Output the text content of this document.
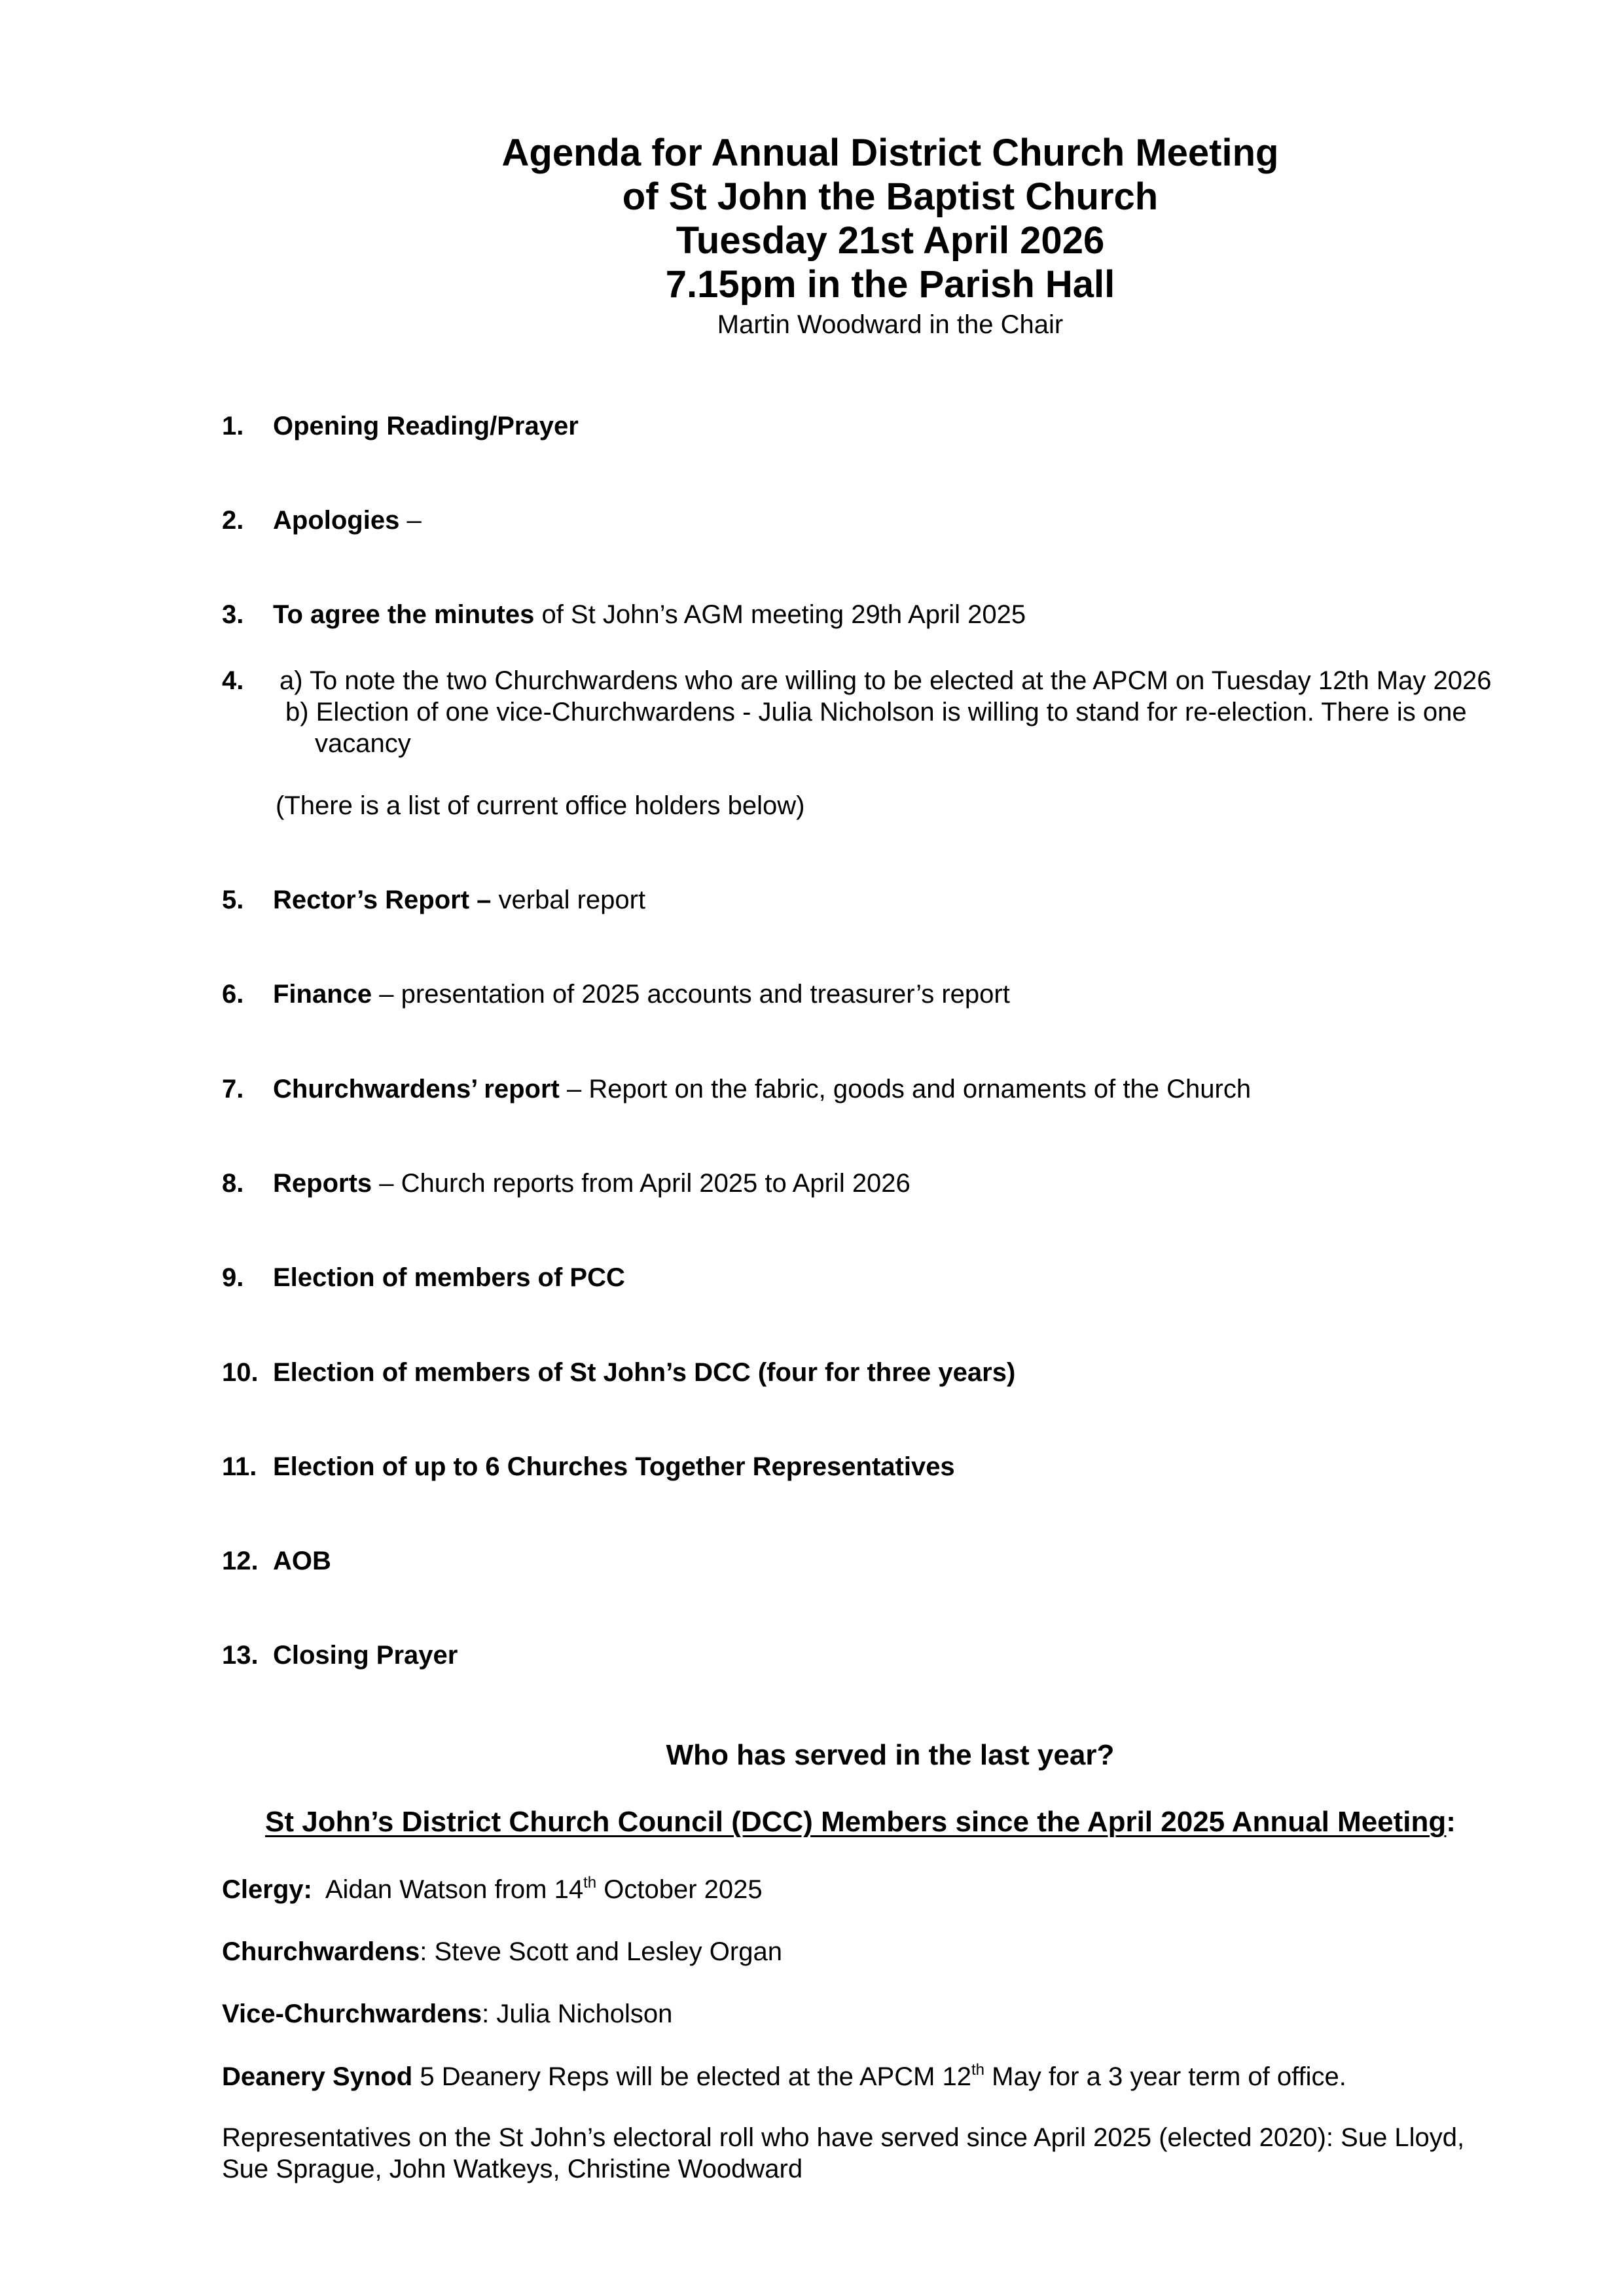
Agenda for Annual District Church Meeting
of St John the Baptist Church
Tuesday 21st April 2026
7.15pm in the Parish Hall
Martin Woodward in the Chair
1. Opening Reading/Prayer
2. Apologies –
3. To agree the minutes of St John’s AGM meeting 29th April 2025
4. a) To note the two Churchwardens who are willing to be elected at the APCM on Tuesday 12th May 2026
b) Election of one vice-Churchwardens - Julia Nicholson is willing to stand for re-election. There is one
vacancy
(There is a list of current office holders below)
5. Rector’s Report – verbal report
6. Finance – presentation of 2025 accounts and treasurer’s report
7. Churchwardens’ report – Report on the fabric, goods and ornaments of the Church
8. Reports – Church reports from April 2025 to April 2026
9. Election of members of PCC
10. Election of members of St John’s DCC (four for three years)
11. Election of up to 6 Churches Together Representatives
12. AOB
13. Closing Prayer
Who has served in the last year?
St John’s District Church Council (DCC) Members since the April 2025 Annual Meeting:
Clergy:  Aidan Watson from 14th October 2025
Churchwardens: Steve Scott and Lesley Organ
Vice-Churchwardens: Julia Nicholson
Deanery Synod 5 Deanery Reps will be elected at the APCM 12th May for a 3 year term of office.
Representatives on the St John’s electoral roll who have served since April 2025 (elected 2020): Sue Lloyd,
Sue Sprague, John Watkeys, Christine Woodward
